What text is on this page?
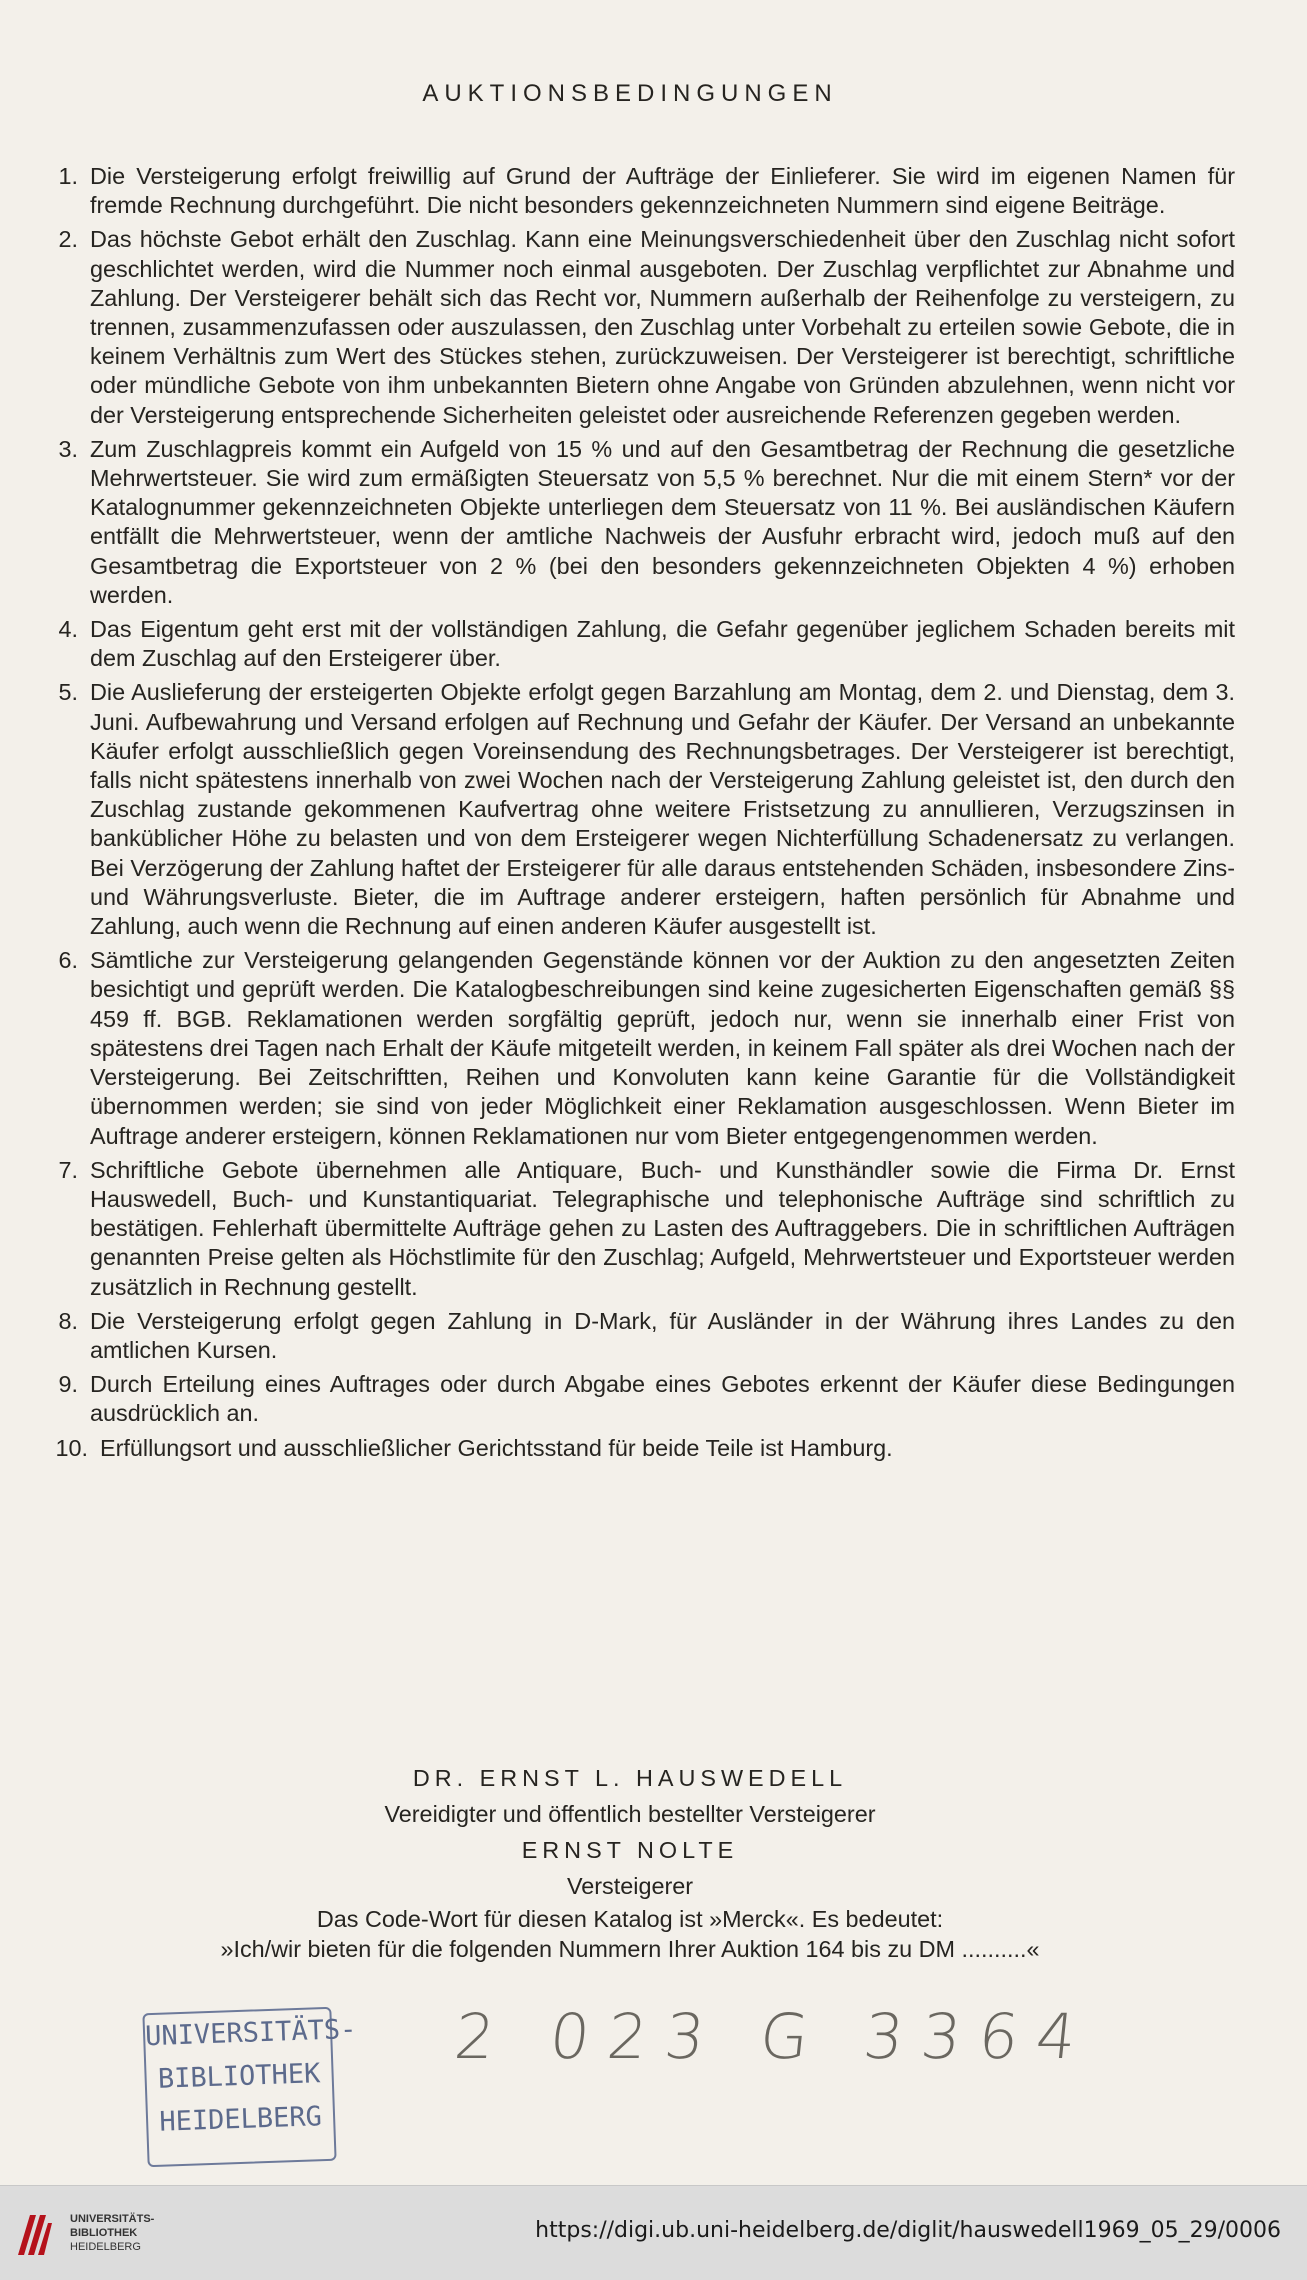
AUKTIONSBEDINGUNGEN
1. Die Versteigerung erfolgt freiwillig auf Grund der Aufträge der Einlieferer. Sie wird im eigenen Namen für fremde Rechnung durchgeführt. Die nicht besonders gekennzeichneten Nummern sind eigene Beiträge.
2. Das höchste Gebot erhält den Zuschlag. Kann eine Meinungsverschiedenheit über den Zuschlag nicht sofort geschlichtet werden, wird die Nummer noch einmal ausgeboten. Der Zuschlag verpflichtet zur Abnahme und Zahlung. Der Versteigerer behält sich das Recht vor, Nummern außerhalb der Reihenfolge zu versteigern, zu trennen, zusammenzufassen oder auszulassen, den Zuschlag unter Vorbehalt zu erteilen sowie Gebote, die in keinem Verhältnis zum Wert des Stückes stehen, zurückzuweisen. Der Versteigerer ist berechtigt, schriftliche oder mündliche Gebote von ihm unbekannten Bietern ohne Angabe von Gründen abzulehnen, wenn nicht vor der Versteigerung entsprechende Sicherheiten geleistet oder ausreichende Referenzen gegeben werden.
3. Zum Zuschlagpreis kommt ein Aufgeld von 15 % und auf den Gesamtbetrag der Rechnung die gesetzliche Mehrwertsteuer. Sie wird zum ermäßigten Steuersatz von 5,5 % berechnet. Nur die mit einem Stern* vor der Katalognummer gekennzeichneten Objekte unterliegen dem Steuersatz von 11 %. Bei ausländischen Käufern entfällt die Mehrwertsteuer, wenn der amtliche Nachweis der Ausfuhr erbracht wird, jedoch muß auf den Gesamtbetrag die Exportsteuer von 2 % (bei den besonders gekennzeichneten Objekten 4 %) erhoben werden.
4. Das Eigentum geht erst mit der vollständigen Zahlung, die Gefahr gegenüber jeglichem Schaden bereits mit dem Zuschlag auf den Ersteigerer über.
5. Die Auslieferung der ersteigerten Objekte erfolgt gegen Barzahlung am Montag, dem 2. und Dienstag, dem 3. Juni. Aufbewahrung und Versand erfolgen auf Rechnung und Gefahr der Käufer. Der Versand an unbekannte Käufer erfolgt ausschließlich gegen Voreinsendung des Rechnungsbetrages. Der Versteigerer ist berechtigt, falls nicht spätestens innerhalb von zwei Wochen nach der Versteigerung Zahlung geleistet ist, den durch den Zuschlag zustande gekommenen Kaufvertrag ohne weitere Fristsetzung zu annullieren, Verzugszinsen in banküblicher Höhe zu belasten und von dem Ersteigerer wegen Nichterfüllung Schadenersatz zu verlangen. Bei Verzögerung der Zahlung haftet der Ersteigerer für alle daraus entstehenden Schäden, insbesondere Zins- und Währungsverluste. Bieter, die im Auftrage anderer ersteigern, haften persönlich für Abnahme und Zahlung, auch wenn die Rechnung auf einen anderen Käufer ausgestellt ist.
6. Sämtliche zur Versteigerung gelangenden Gegenstände können vor der Auktion zu den angesetzten Zeiten besichtigt und geprüft werden. Die Katalogbeschreibungen sind keine zugesicherten Eigenschaften gemäß §§ 459 ff. BGB. Reklamationen werden sorgfältig geprüft, jedoch nur, wenn sie innerhalb einer Frist von spätestens drei Tagen nach Erhalt der Käufe mitgeteilt werden, in keinem Fall später als drei Wochen nach der Versteigerung. Bei Zeitschriftten, Reihen und Konvoluten kann keine Garantie für die Vollständigkeit übernommen werden; sie sind von jeder Möglichkeit einer Reklamation ausgeschlossen. Wenn Bieter im Auftrage anderer ersteigern, können Reklamationen nur vom Bieter entgegengenommen werden.
7. Schriftliche Gebote übernehmen alle Antiquare, Buch- und Kunsthändler sowie die Firma Dr. Ernst Hauswedell, Buch- und Kunstantiquariat. Telegraphische und telephonische Aufträge sind schriftlich zu bestätigen. Fehlerhaft übermittelte Aufträge gehen zu Lasten des Auftraggebers. Die in schriftlichen Aufträgen genannten Preise gelten als Höchstlimite für den Zuschlag; Aufgeld, Mehrwertsteuer und Exportsteuer werden zusätzlich in Rechnung gestellt.
8. Die Versteigerung erfolgt gegen Zahlung in D-Mark, für Ausländer in der Währung ihres Landes zu den amtlichen Kursen.
9. Durch Erteilung eines Auftrages oder durch Abgabe eines Gebotes erkennt der Käufer diese Bedingungen ausdrücklich an.
10. Erfüllungsort und ausschließlicher Gerichtsstand für beide Teile ist Hamburg.
DR. ERNST L. HAUSWEDELL
Vereidigter und öffentlich bestellter Versteigerer
ERNST NOLTE
Versteigerer
Das Code-Wort für diesen Katalog ist »Merck«. Es bedeutet:
»Ich/wir bieten für die folgenden Nummern Ihrer Auktion 164 bis zu DM ..........«
2 023 G 3364
UNIVERSITÄTS-
BIBLIOTHEK
HEIDELBERG
UNIVERSITÄTS-
BIBLIOTHEK
HEIDELBERG
https://digi.ub.uni-heidelberg.de/diglit/hauswedell1969_05_29/0006
